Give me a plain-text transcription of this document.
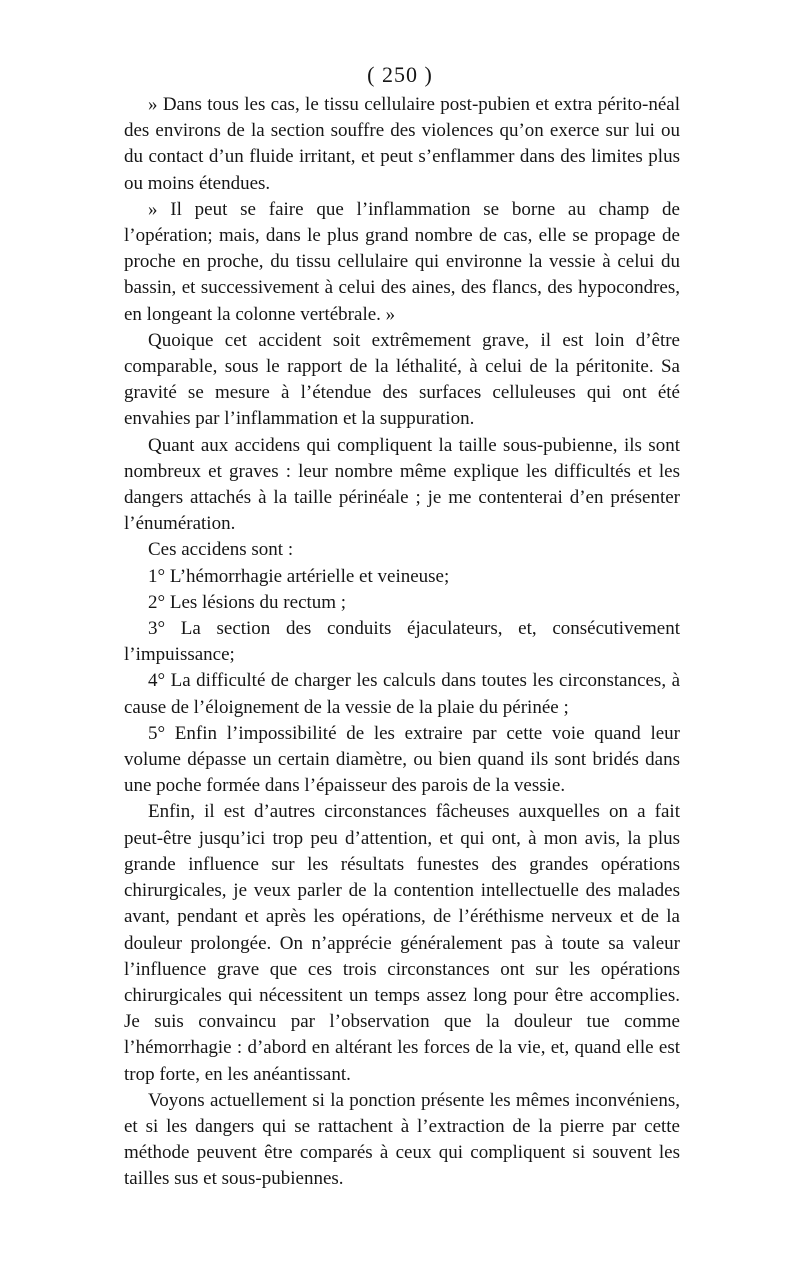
( 250 )

» Dans tous les cas, le tissu cellulaire post-pubien et extra périto-néal des environs de la section souffre des violences qu’on exerce sur lui ou du contact d’un fluide irritant, et peut s’enflammer dans des limites plus ou moins étendues.

» Il peut se faire que l’inflammation se borne au champ de l’opération; mais, dans le plus grand nombre de cas, elle se propage de proche en proche, du tissu cellulaire qui environne la vessie à celui du bassin, et successivement à celui des aines, des flancs, des hypocondres, en longeant la colonne vertébrale. »

Quoique cet accident soit extrêmement grave, il est loin d’être comparable, sous le rapport de la léthalité, à celui de la péritonite. Sa gravité se mesure à l’étendue des surfaces celluleuses qui ont été envahies par l’inflammation et la suppuration.

Quant aux accidens qui compliquent la taille sous-pubienne, ils sont nombreux et graves : leur nombre même explique les difficultés et les dangers attachés à la taille périnéale ; je me contenterai d’en présenter l’énumération.

Ces accidens sont :

1° L’hémorrhagie artérielle et veineuse;

2° Les lésions du rectum ;

3° La section des conduits éjaculateurs, et, consécutivement l’impuissance;

4° La difficulté de charger les calculs dans toutes les circonstances, à cause de l’éloignement de la vessie de la plaie du périnée ;

5° Enfin l’impossibilité de les extraire par cette voie quand leur volume dépasse un certain diamètre, ou bien quand ils sont bridés dans une poche formée dans l’épaisseur des parois de la vessie.

Enfin, il est d’autres circonstances fâcheuses auxquelles on a fait peut-être jusqu’ici trop peu d’attention, et qui ont, à mon avis, la plus grande influence sur les résultats funestes des grandes opérations chirurgicales, je veux parler de la contention intellectuelle des malades avant, pendant et après les opérations, de l’éréthisme nerveux et de la douleur prolongée. On n’apprécie généralement pas à toute sa valeur l’influence grave que ces trois circonstances ont sur les opérations chirurgicales qui nécessitent un temps assez long pour être accomplies. Je suis convaincu par l’observation que la douleur tue comme l’hémorrhagie : d’abord en altérant les forces de la vie, et, quand elle est trop forte, en les anéantissant.

Voyons actuellement si la ponction présente les mêmes inconvéniens, et si les dangers qui se rattachent à l’extraction de la pierre par cette méthode peuvent être comparés à ceux qui compliquent si souvent les tailles sus et sous-pubiennes.
